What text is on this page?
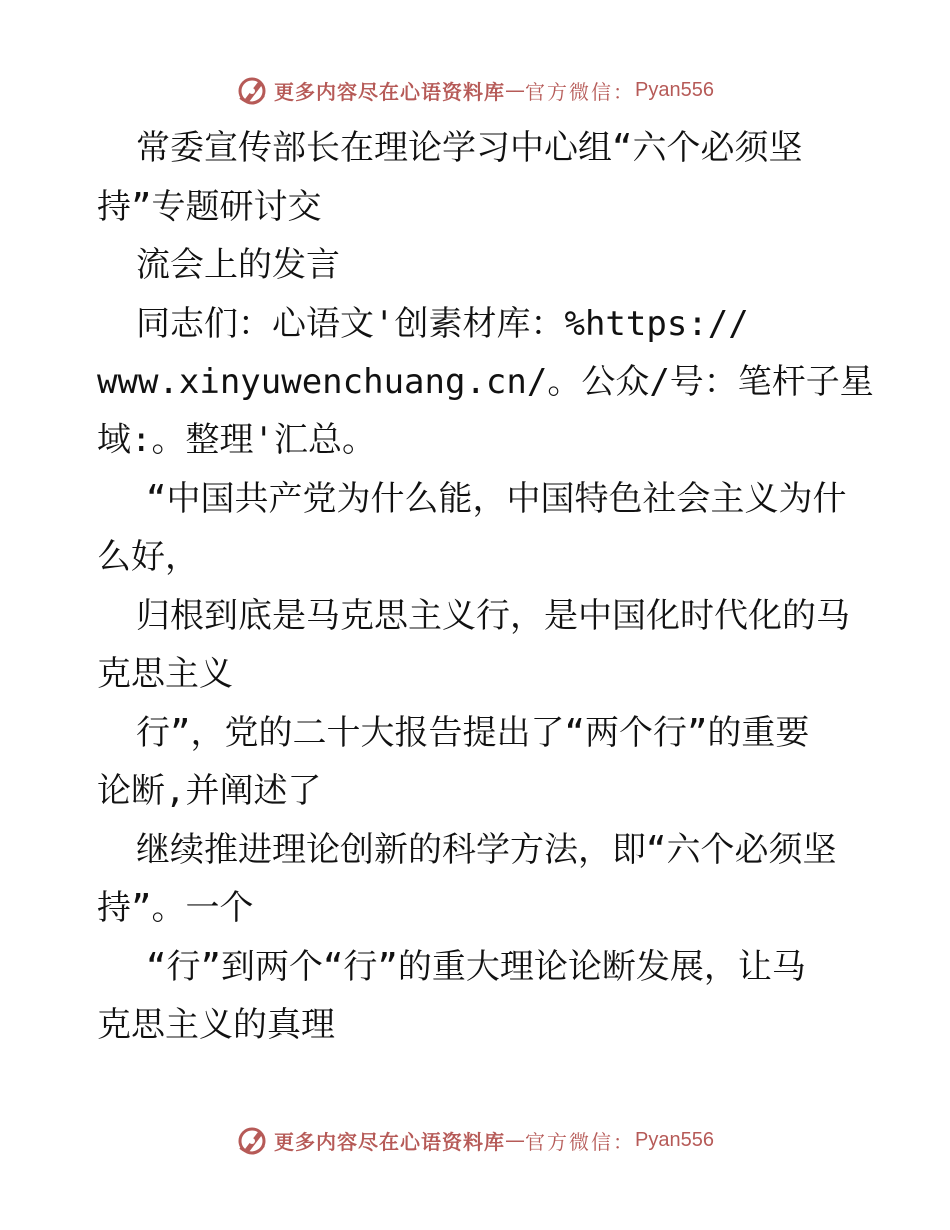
更多内容尽在心语资料库 — 官方微信： Pyan556
常委宣传部长在理论学习中心组“六个必须坚
持”专题研讨交
流会上的发言
同志们：心语文'创素材库：%https://
www.xinyuwenchuang.cn/。公众/号：笔杆子星
域:。整理'汇总。
“中国共产党为什么能，中国特色社会主义为什
么好，
归根到底是马克思主义行，是中国化时代化的马
克思主义
行”，党的二十大报告提出了“两个行”的重要
论断,并阐述了
继续推进理论创新的科学方法，即“六个必须坚
持”。一个
“行”到两个“行”的重大理论论断发展，让马
克思主义的真理
更多内容尽在心语资料库 — 官方微信： Pyan556
